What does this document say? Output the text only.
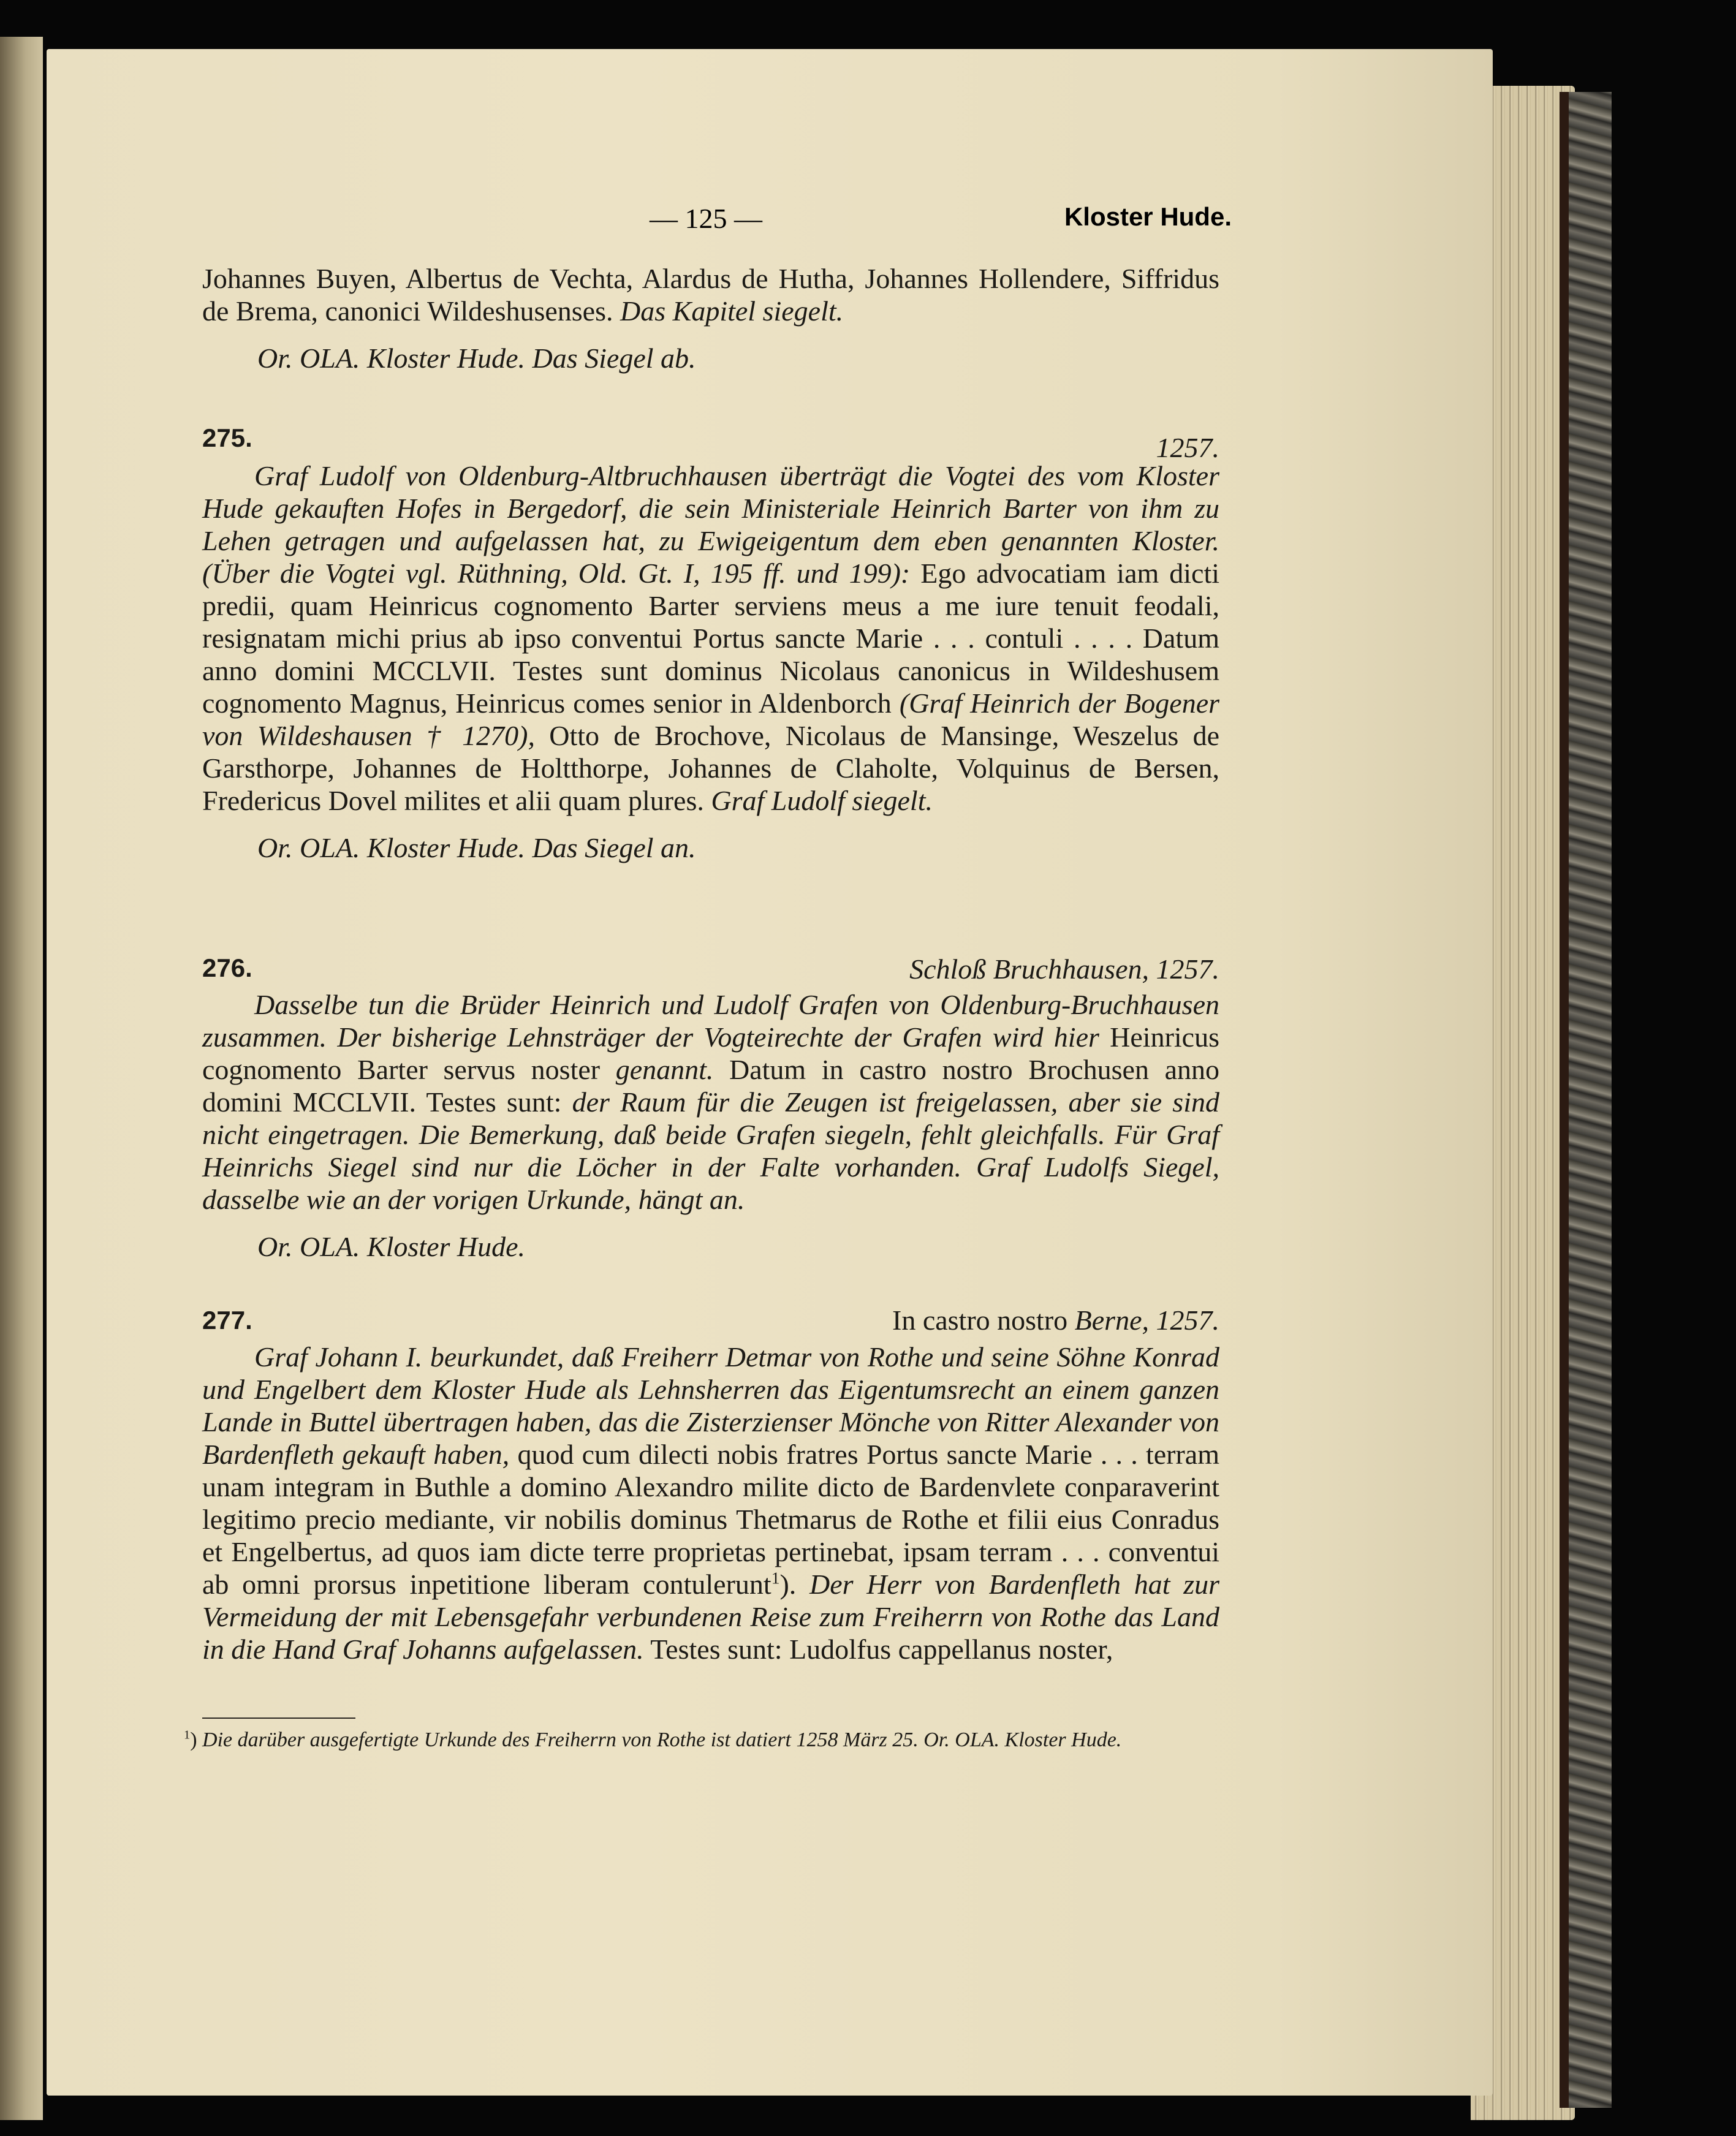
— 125 —	Kloster Hude.

Johannes Buyen, Albertus de Vechta, Alardus de Hutha, Johannes Hollendere, Siffridus de Brema, canonici Wildeshusenses. Das Kapitel siegelt.

Or. OLA. Kloster Hude. Das Siegel ab.

275.	1257.

Graf Ludolf von Oldenburg-Altbruchhausen überträgt die Vogtei des vom Kloster Hude gekauften Hofes in Bergedorf, die sein Ministeriale Heinrich Barter von ihm zu Lehen getragen und aufgelassen hat, zu Ewigeigentum dem eben genannten Kloster. (Über die Vogtei vgl. Rüthning, Old. Gt. I, 195 ff. und 199): Ego advocatiam iam dicti predii, quam Heinricus cognomento Barter serviens meus a me iure tenuit feodali, resignatam michi prius ab ipso conventui Portus sancte Marie . . . contuli . . . . Datum anno domini MCCLVII. Testes sunt dominus Nicolaus canonicus in Wildeshusem cognomento Magnus, Heinricus comes senior in Aldenborch (Graf Heinrich der Bogener von Wildeshausen † 1270), Otto de Brochove, Nicolaus de Mansinge, Weszelus de Garsthorpe, Johannes de Holtthorpe, Johannes de Claholte, Volquinus de Bersen, Fredericus Dovel milites et alii quam plures. Graf Ludolf siegelt.

Or. OLA. Kloster Hude. Das Siegel an.

276.	Schloß Bruchhausen, 1257.

Dasselbe tun die Brüder Heinrich und Ludolf Grafen von Oldenburg-Bruchhausen zusammen. Der bisherige Lehnsträger der Vogteirechte der Grafen wird hier Heinricus cognomento Barter servus noster genannt. Datum in castro nostro Brochusen anno domini MCCLVII. Testes sunt: der Raum für die Zeugen ist freigelassen, aber sie sind nicht eingetragen. Die Bemerkung, daß beide Grafen siegeln, fehlt gleichfalls. Für Graf Heinrichs Siegel sind nur die Löcher in der Falte vorhanden. Graf Ludolfs Siegel, dasselbe wie an der vorigen Urkunde, hängt an.

Or. OLA. Kloster Hude.

277.	In castro nostro Berne, 1257.

Graf Johann I. beurkundet, daß Freiherr Detmar von Rothe und seine Söhne Konrad und Engelbert dem Kloster Hude als Lehnsherren das Eigentumsrecht an einem ganzen Lande in Buttel übertragen haben, das die Zisterzienser Mönche von Ritter Alexander von Bardenfleth gekauft haben, quod cum dilecti nobis fratres Portus sancte Marie . . . terram unam integram in Buthle a domino Alexandro milite dicto de Bardenvlete conparaverint legitimo precio mediante, vir nobilis dominus Thetmarus de Rothe et filii eius Conradus et Engelbertus, ad quos iam dicte terre proprietas pertinebat, ipsam terram . . . conventui ab omni prorsus inpetitione liberam contulerunt$^1$). Der Herr von Bardenfleth hat zur Vermeidung der mit Lebensgefahr verbundenen Reise zum Freiherrn von Rothe das Land in die Hand Graf Johanns aufgelassen. Testes sunt: Ludolfus cappellanus noster,

$^1$) Die darüber ausgefertigte Urkunde des Freiherrn von Rothe ist datiert 1258 März 25. Or. OLA. Kloster Hude.
